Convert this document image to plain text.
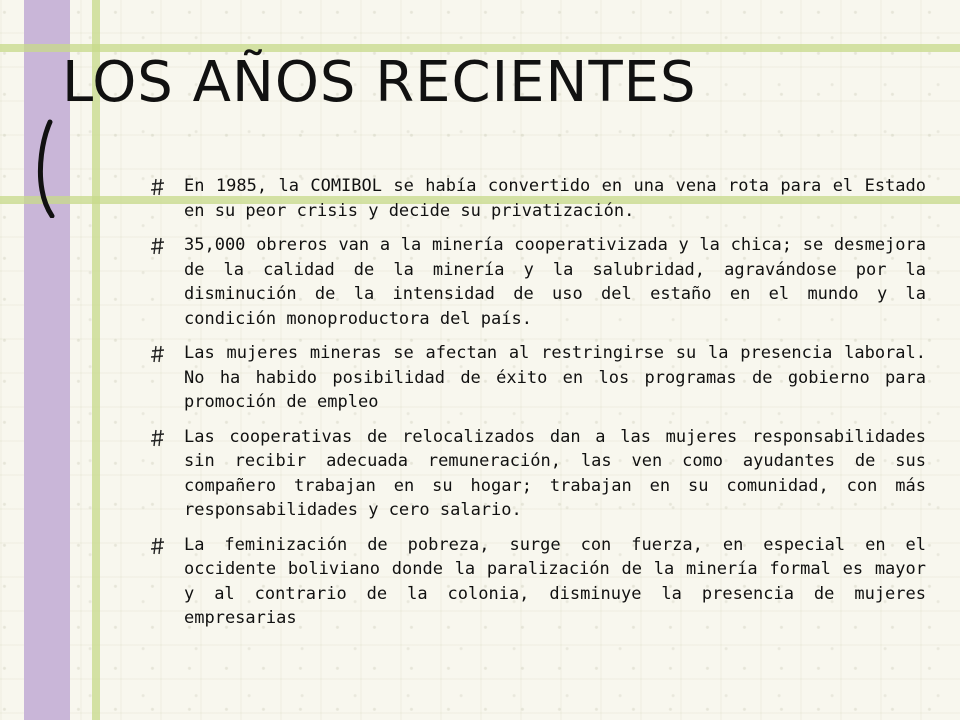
LOS AÑOS RECIENTES
En 1985, la COMIBOL se había convertido en una vena rota para el Estado en su peor crisis y decide su privatización.
35,000 obreros van a la minería cooperativizada y la chica; se desmejora de la calidad de la minería y la salubridad, agravándose por la disminución de la intensidad de uso del estaño en el mundo y la condición monoproductora del país.
Las mujeres mineras se afectan al restringirse su la presencia laboral. No ha habido posibilidad de éxito en los programas de gobierno para promoción de empleo
Las cooperativas de relocalizados dan a las mujeres responsabilidades sin recibir adecuada remuneración, las ven como ayudantes de sus compañero trabajan en su hogar; trabajan en su comunidad, con más responsabilidades y cero salario.
La feminización de pobreza, surge con fuerza, en especial en el occidente boliviano donde la paralización de la minería formal es mayor y al contrario de la colonia, disminuye la presencia de mujeres empresarias
